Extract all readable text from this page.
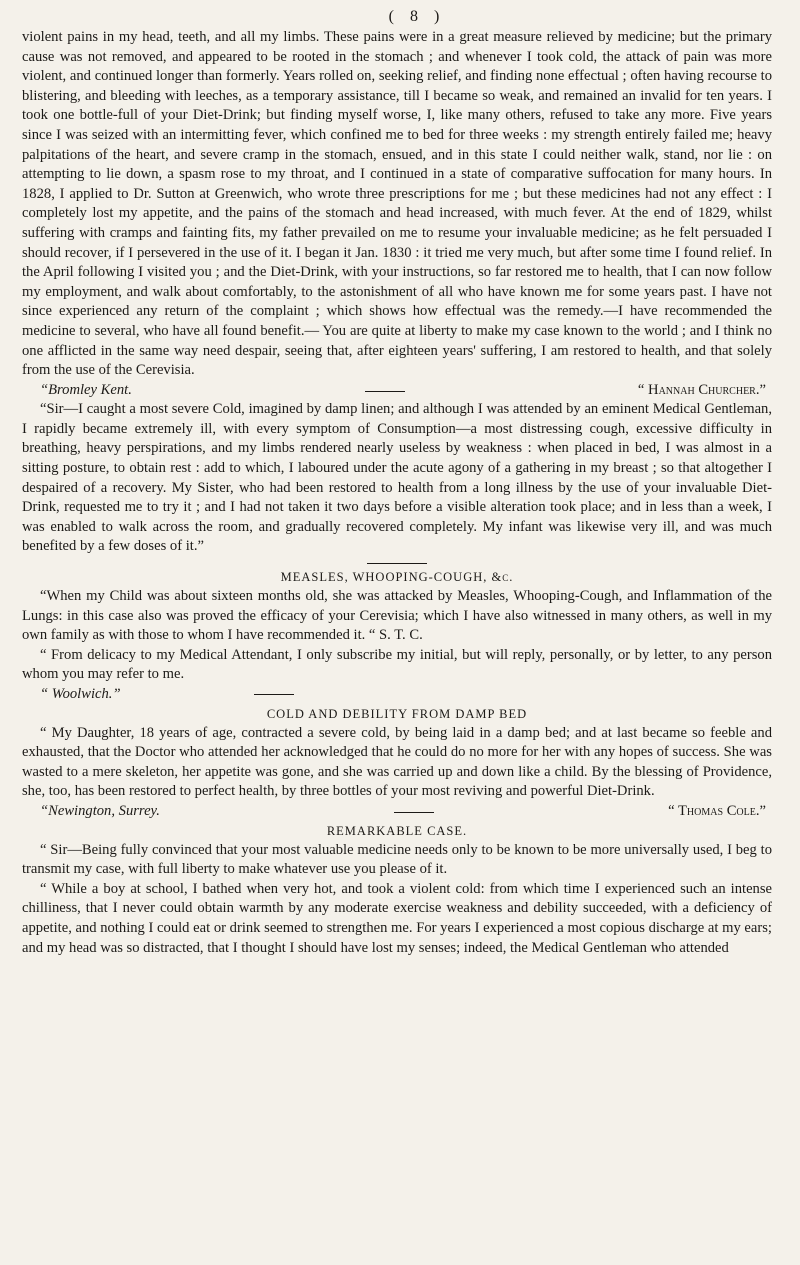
( 8 )

violent pains in my head, teeth, and all my limbs. These pains were in a great measure relieved by medicine; but the primary cause was not removed, and appeared to be rooted in the stomach ; and whenever I took cold, the attack of pain was more violent, and continued longer than formerly. Years rolled on, seeking relief, and finding none effectual ; often having recourse to blistering, and bleeding with leeches, as a temporary assistance, till I became so weak, and remained an invalid for ten years. I took one bottle-full of your Diet-Drink; but finding myself worse, I, like many others, refused to take any more. Five years since I was seized with an intermitting fever, which confined me to bed for three weeks : my strength entirely failed me; heavy palpitations of the heart, and severe cramp in the stomach, ensued, and in this state I could neither walk, stand, nor lie : on attempting to lie down, a spasm rose to my throat, and I continued in a state of comparative suffocation for many hours. In 1828, I applied to Dr. Sutton at Greenwich, who wrote three prescriptions for me ; but these medicines had not any effect : I completely lost my appetite, and the pains of the stomach and head increased, with much fever. At the end of 1829, whilst suffering with cramps and fainting fits, my father prevailed on me to resume your invaluable medicine; as he felt persuaded I should recover, if I persevered in the use of it. I began it Jan. 1830 : it tried me very much, but after some time I found relief. In the April following I visited you ; and the Diet-Drink, with your instructions, so far restored me to health, that I can now follow my employment, and walk about comfortably, to the astonishment of all who have known me for some years past. I have not since experienced any return of the complaint ; which shows how effectual was the remedy.—I have recommended the medicine to several, who have all found benefit.— You are quite at liberty to make my case known to the world ; and I think no one afflicted in the same way need despair, seeing that, after eighteen years' suffering, I am restored to health, and that solely from the use of the Cerevisia.

“Bromley Kent.	“ Hannah Churcher.”

“Sir—I caught a most severe Cold, imagined by damp linen; and although I was attended by an eminent Medical Gentleman, I rapidly became extremely ill, with every symptom of Consumption—a most distressing cough, excessive difficulty in breathing, heavy perspirations, and my limbs rendered nearly useless by weakness : when placed in bed, I was almost in a sitting posture, to obtain rest : add to which, I laboured under the acute agony of a gathering in my breast ; so that altogether I despaired of a recovery. My Sister, who had been restored to health from a long illness by the use of your invaluable Diet-Drink, requested me to try it ; and I had not taken it two days before a visible alteration took place; and in less than a week, I was enabled to walk across the room, and gradually recovered completely. My infant was likewise very ill, and was much benefited by a few doses of it.”

MEASLES, WHOOPING-COUGH, &c.

“When my Child was about sixteen months old, she was attacked by Measles, Whooping-Cough, and Inflammation of the Lungs: in this case also was proved the efficacy of your Cerevisia; which I have also witnessed in many others, as well in my own family as with those to whom I have recommended it. “ S. T. C.

“ From delicacy to my Medical Attendant, I only subscribe my initial, but will reply, personally, or by letter, to any person whom you may refer to me.

“ Woolwich.”
COLD AND DEBILITY FROM DAMP BED

“ My Daughter, 18 years of age, contracted a severe cold, by being laid in a damp bed; and at last became so feeble and exhausted, that the Doctor who attended her acknowledged that he could do no more for her with any hopes of success. She was wasted to a mere skeleton, her appetite was gone, and she was carried up and down like a child. By the blessing of Providence, she, too, has been restored to perfect health, by three bottles of your most reviving and powerful Diet-Drink.

“Newington, Surrey.	“ Thomas Cole.”
REMARKABLE CASE.

“ Sir—Being fully convinced that your most valuable medicine needs only to be known to be more universally used, I beg to transmit my case, with full liberty to make whatever use you please of it.

“ While a boy at school, I bathed when very hot, and took a violent cold: from which time I experienced such an intense chilliness, that I never could obtain warmth by any moderate exercise weakness and debility succeeded, with a deficiency of appetite, and nothing I could eat or drink seemed to strengthen me. For years I experienced a most copious discharge at my ears; and my head was so distracted, that I thought I should have lost my senses; indeed, the Medical Gentleman who attended
